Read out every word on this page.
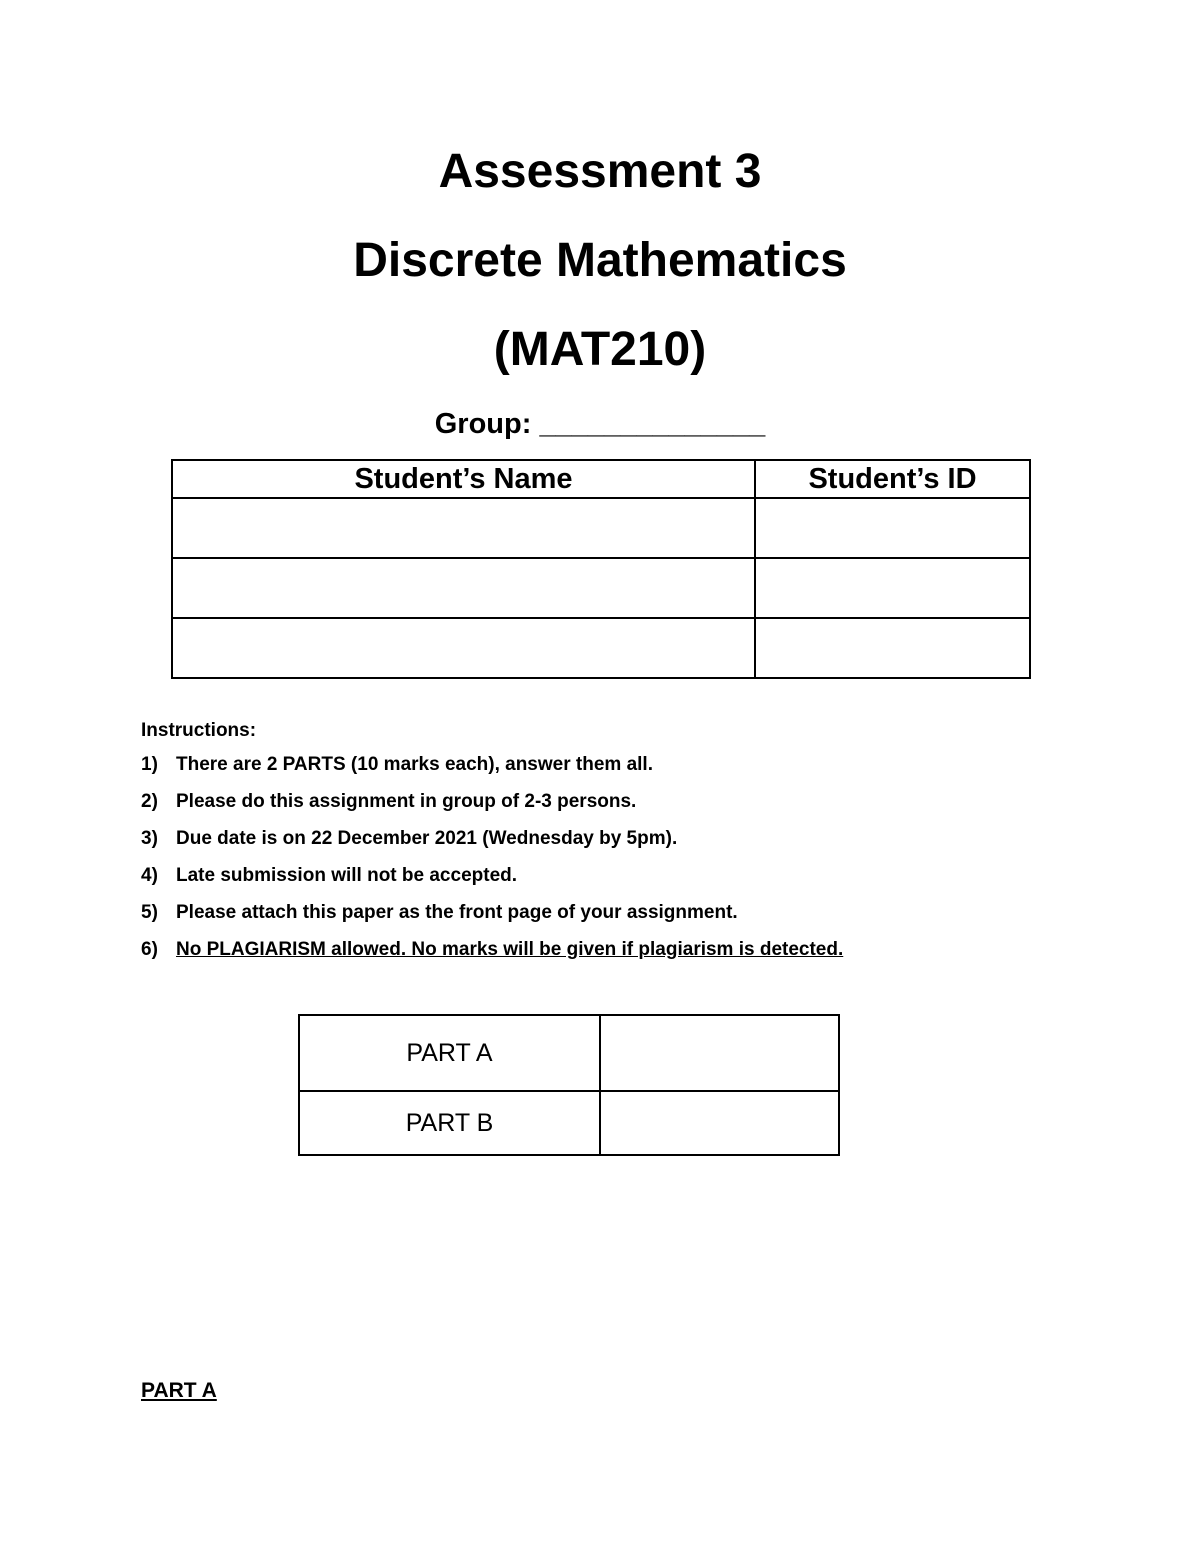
Assessment 3
Discrete Mathematics
(MAT210)
Group: ______________
Student’s Name	Student’s ID

Instructions:
1) There are 2 PARTS (10 marks each), answer them all.
2) Please do this assignment in group of 2-3 persons.
3) Due date is on 22 December 2021 (Wednesday by 5pm).
4) Late submission will not be accepted.
5) Please attach this paper as the front page of your assignment.
6) No PLAGIARISM allowed. No marks will be given if plagiarism is detected.
PART A	
PART B	
PART A
